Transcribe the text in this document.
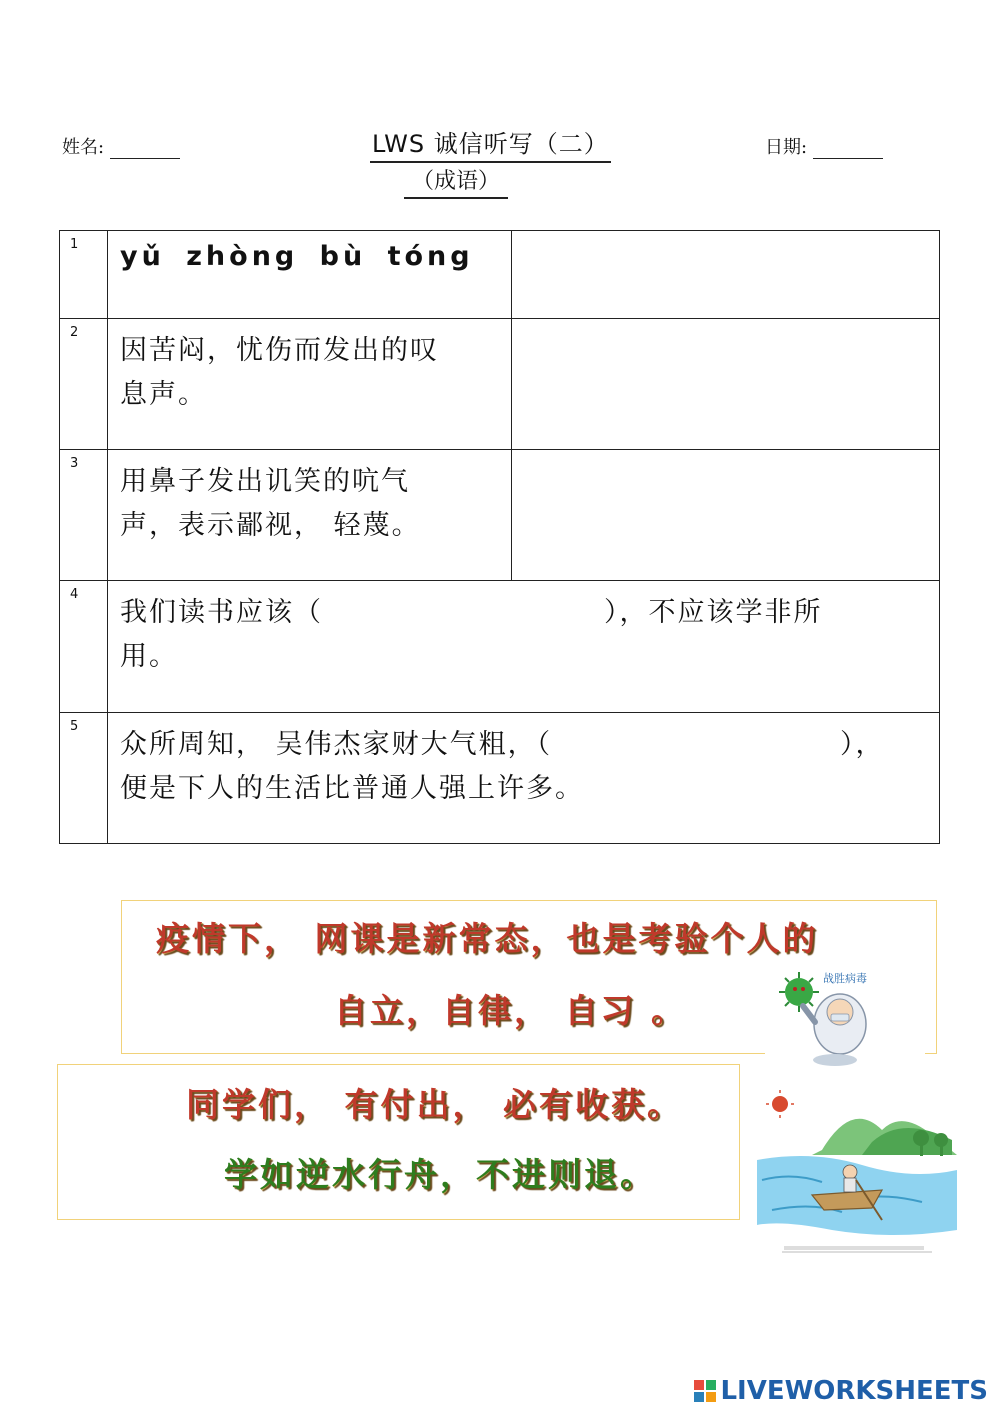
姓名:	LWS 诚信听写（二）	日期:
（成语）
1 yǔ zhòng bù tóng
2
因苦闷，忧伤而发出的叹
息声。
3
用鼻子发出讥笑的吭气
声，表示鄙视， 轻蔑。
4
我们读书应该（	），不应该学非所
用。
5
众所周知， 吴伟杰家财大气粗，（	），
便是下人的生活比普通人强上许多。
疫情下， 网课是新常态，也是考验个人的
自立，自律， 自习 。
战胜病毒
同学们， 有付出， 必有收获。
学如逆水行舟，不进则退。
LIVEWORKSHEETS
